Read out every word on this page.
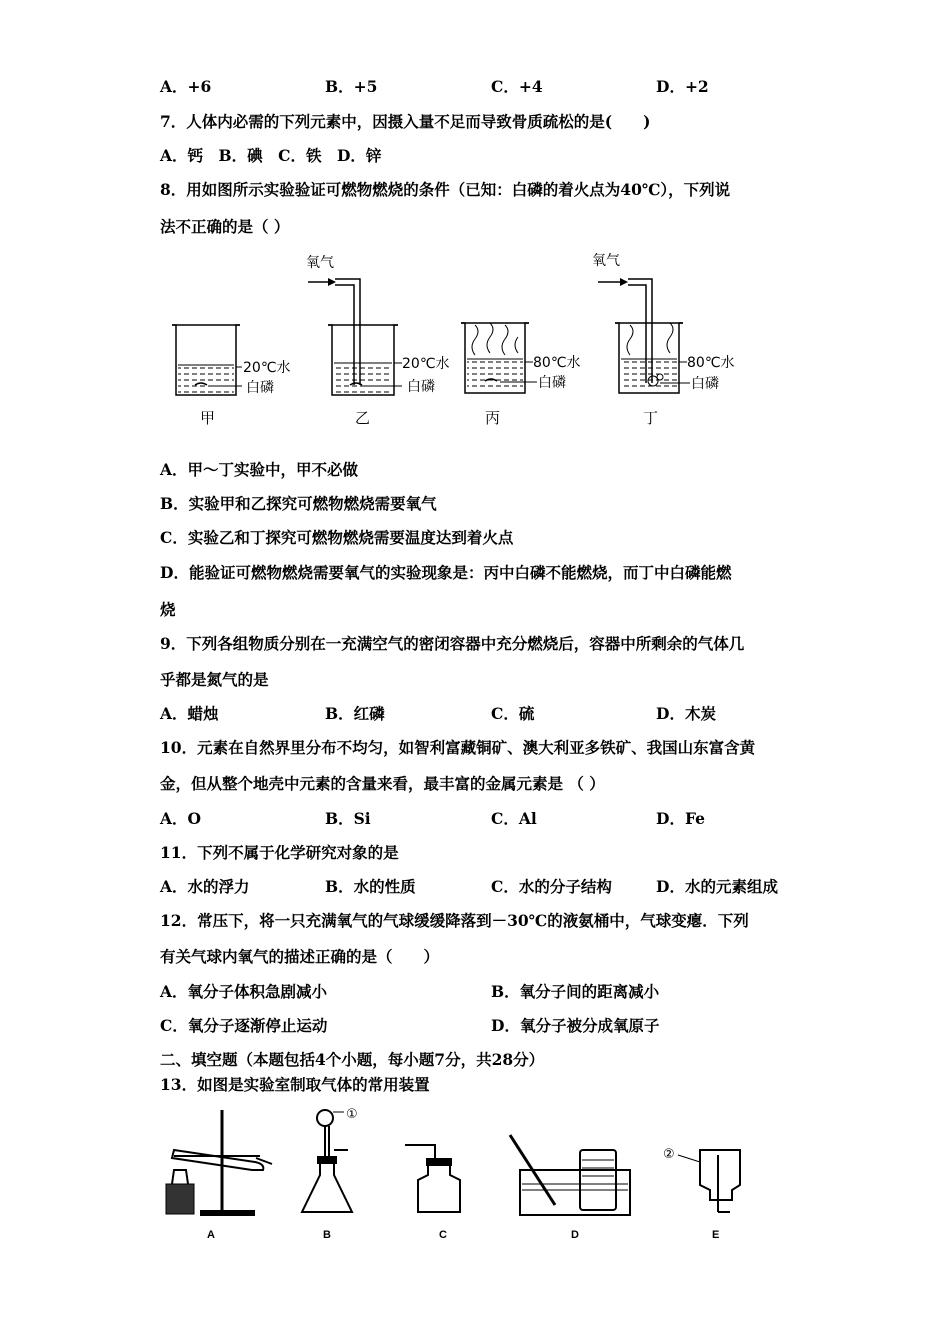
A．+6	B．+5	C．+4	D．+2
7．人体内必需的下列元素中，因摄入量不足而导致骨质疏松的是(　　)
A．钙　B．碘　C．铁　D．锌
8．用如图所示实验验证可燃物燃烧的条件（已知：白磷的着火点为40℃），下列说
法不正确的是（ ）
20℃水
白磷
甲
氧气
20℃水
白磷
乙
80℃水
白磷
丙
氧气
80℃水
白磷
丁
A．甲～丁实验中，甲不必做
B．实验甲和乙探究可燃物燃烧需要氧气
C．实验乙和丁探究可燃物燃烧需要温度达到着火点
D．能验证可燃物燃烧需要氧气的实验现象是：丙中白磷不能燃烧，而丁中白磷能燃
烧
9．下列各组物质分别在一充满空气的密闭容器中充分燃烧后，容器中所剩余的气体几
乎都是氮气的是
A．蜡烛	B．红磷	C．硫	D．木炭
10．元素在自然界里分布不均匀，如智利富藏铜矿、澳大利亚多铁矿、我国山东富含黄
金，但从整个地壳中元素的含量来看，最丰富的金属元素是 （ ）
A．O	B．Si	C．Al	D．Fe
11．下列不属于化学研究对象的是
A．水的浮力	B．水的性质	C．水的分子结构	D．水的元素组成
12．常压下，将一只充满氧气的气球缓缓降落到－30℃的液氨桶中，气球变瘪．下列
有关气球内氧气的描述正确的是（　　）
A．氧分子体积急剧减小	B．氧分子间的距离减小
C．氧分子逐渐停止运动	D．氧分子被分成氧原子
二、填空题（本题包括4个小题，每小题7分，共28分）
13．如图是实验室制取气体的常用装置
A
①
B	C	D
②
E
